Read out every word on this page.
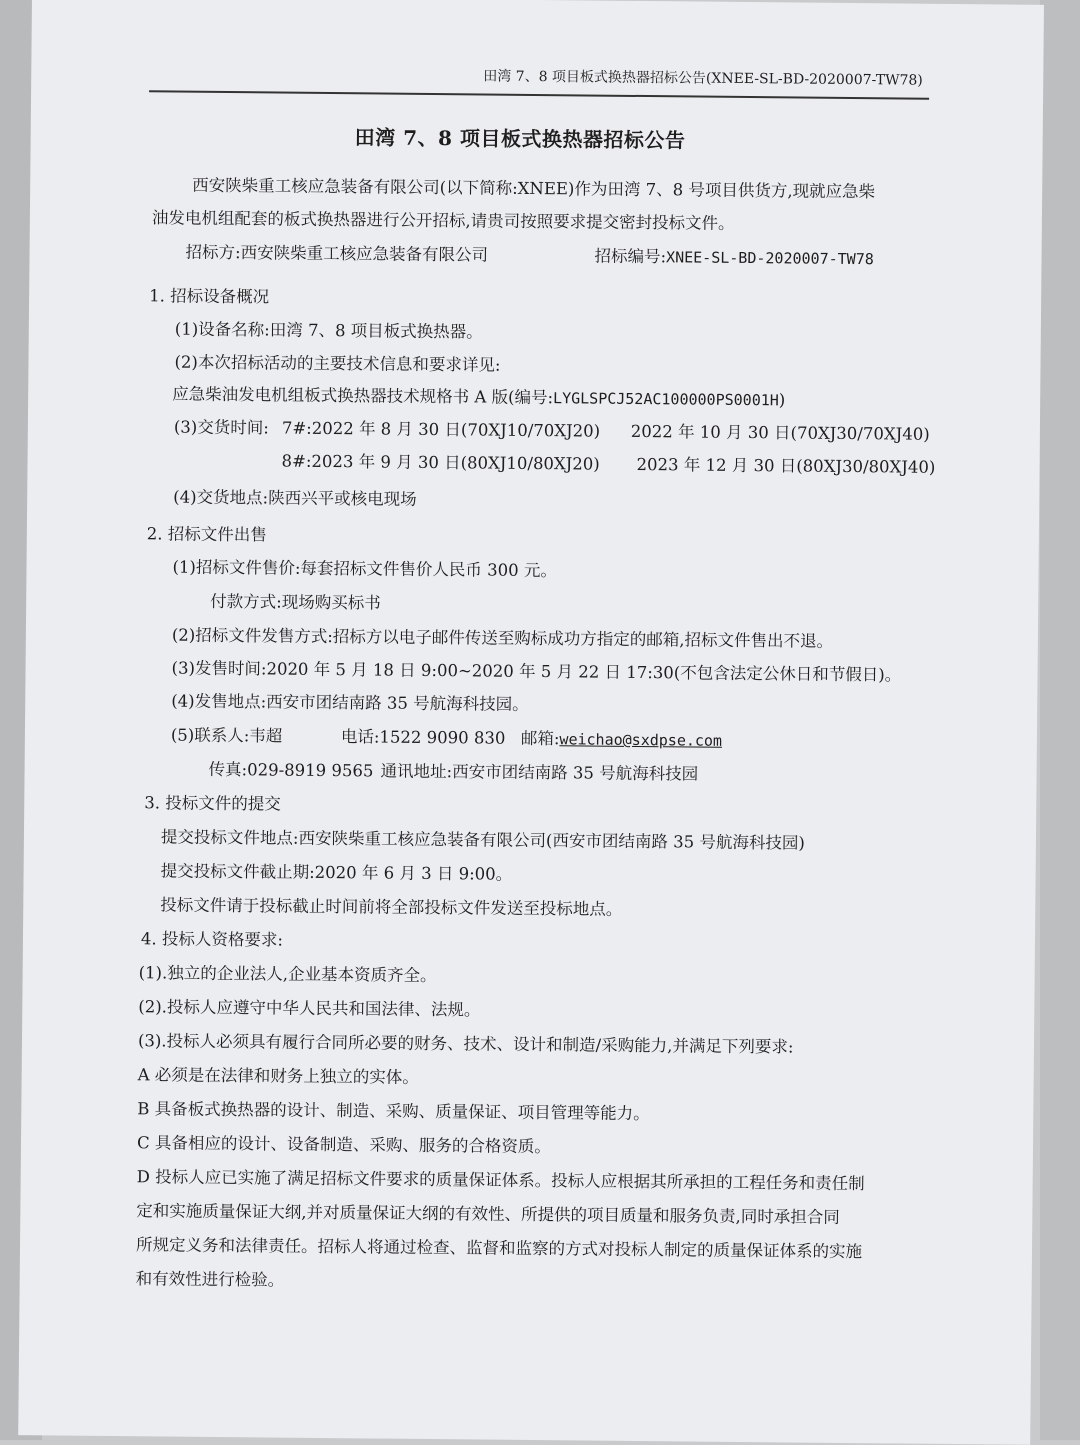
田湾 7、8 项目板式换热器招标公告(XNEE-SL-BD-2020007-TW78)
田湾 7、8 项目板式换热器招标公告
西安陕柴重工核应急装备有限公司(以下简称:XNEE)作为田湾 7、8 号项目供货方,现就应急柴
油发电机组配套的板式换热器进行公开招标,请贵司按照要求提交密封投标文件。
招标方:西安陕柴重工核应急装备有限公司	招标编号:XNEE-SL-BD-2020007-TW78
1. 招标设备概况
(1)设备名称:田湾 7、8 项目板式换热器。
(2)本次招标活动的主要技术信息和要求详见:
应急柴油发电机组板式换热器技术规格书 A 版(编号:LYGLSPCJ52AC100000PS0001H)
(3)交货时间: 7#:2022 年 8 月 30 日(70XJ10/70XJ20) 2022 年 10 月 30 日(70XJ30/70XJ40)
8#:2023 年 9 月 30 日(80XJ10/80XJ20) 2023 年 12 月 30 日(80XJ30/80XJ40)
(4)交货地点:陕西兴平或核电现场
2. 招标文件出售
(1)招标文件售价:每套招标文件售价人民币 300 元。
付款方式:现场购买标书
(2)招标文件发售方式:招标方以电子邮件传送至购标成功方指定的邮箱,招标文件售出不退。
(3)发售时间:2020 年 5 月 18 日 9:00~2020 年 5 月 22 日 17:30(不包含法定公休日和节假日)。
(4)发售地点:西安市团结南路 35 号航海科技园。
(5)联系人:韦超	电话:1522 9090 830 邮箱:weichao@sxdpse.com
传真:029-8919 9565 通讯地址:西安市团结南路 35 号航海科技园
3. 投标文件的提交
提交投标文件地点:西安陕柴重工核应急装备有限公司(西安市团结南路 35 号航海科技园)
提交投标文件截止期:2020 年 6 月 3 日 9:00。
投标文件请于投标截止时间前将全部投标文件发送至投标地点。
4. 投标人资格要求:
(1).独立的企业法人,企业基本资质齐全。
(2).投标人应遵守中华人民共和国法律、法规。
(3).投标人必须具有履行合同所必要的财务、技术、设计和制造/采购能力,并满足下列要求:
A 必须是在法律和财务上独立的实体。
B 具备板式换热器的设计、制造、采购、质量保证、项目管理等能力。
C 具备相应的设计、设备制造、采购、服务的合格资质。
D 投标人应已实施了满足招标文件要求的质量保证体系。投标人应根据其所承担的工程任务和责任制
定和实施质量保证大纲,并对质量保证大纲的有效性、所提供的项目质量和服务负责,同时承担合同
所规定义务和法律责任。招标人将通过检查、监督和监察的方式对投标人制定的质量保证体系的实施
和有效性进行检验。
